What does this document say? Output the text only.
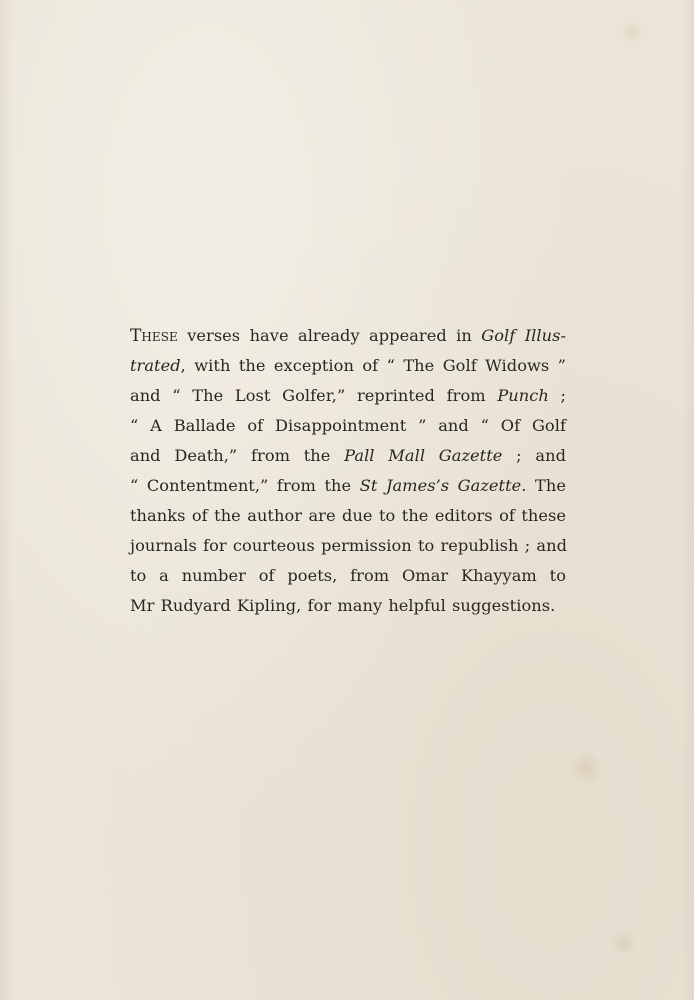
These verses have already appeared in Golf Illus-
trated, with the exception of “ The Golf Widows ”
and “ The Lost Golfer,” reprinted from Punch ;
“ A Ballade of Disappointment ” and “ Of Golf
and Death,” from the Pall Mall Gazette ; and
“ Contentment,” from the St James’s Gazette. The
thanks of the author are due to the editors of these
journals for courteous permission to republish ; and
to a number of poets, from Omar Khayyam to
Mr Rudyard Kipling, for many helpful suggestions.
